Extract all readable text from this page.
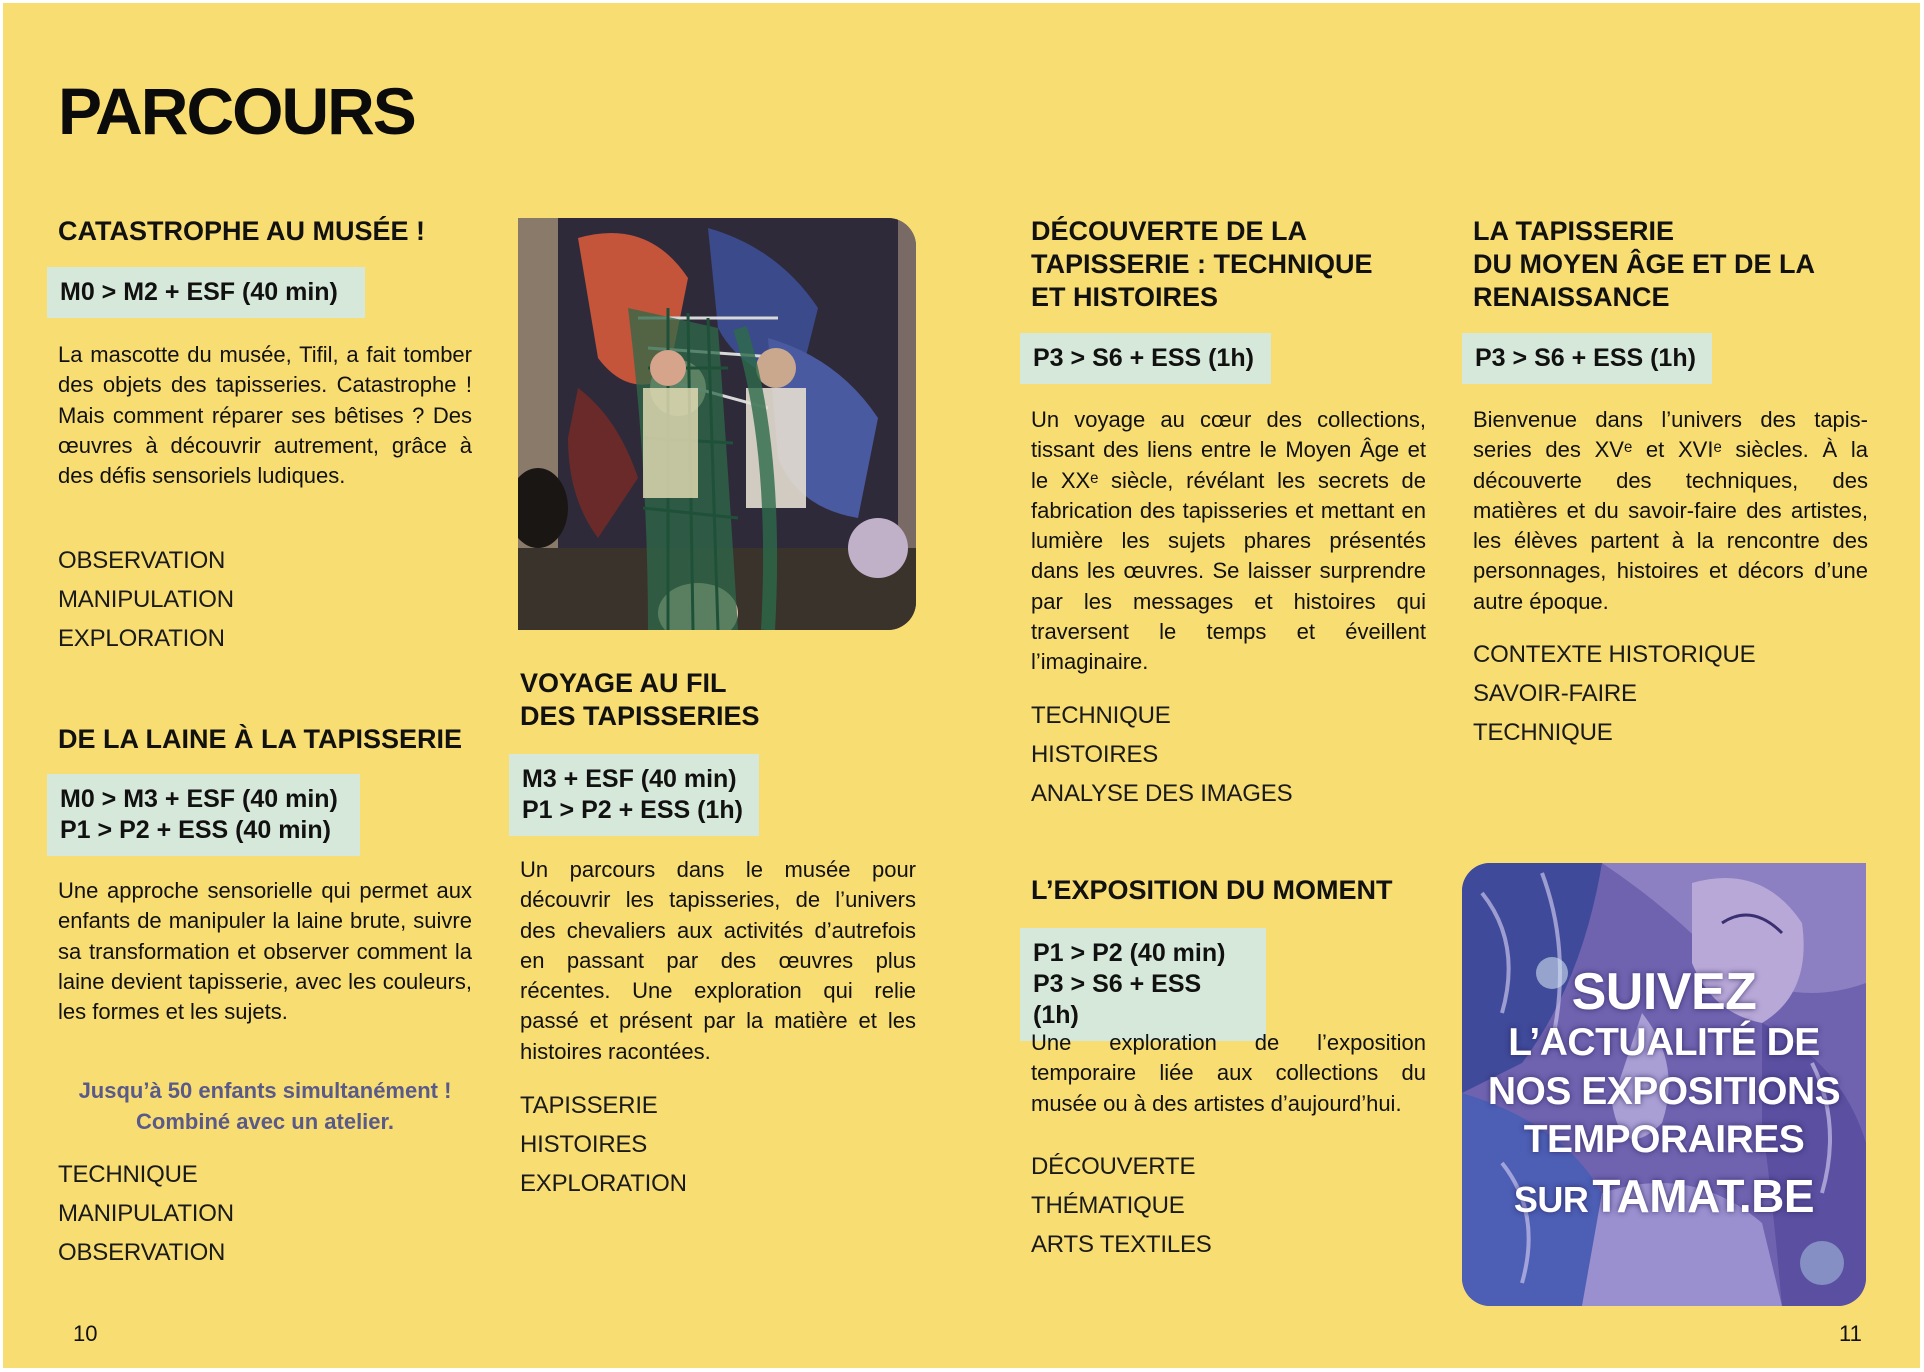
PARCOURS
CATASTROPHE AU MUSÉE !
M0 > M2 + ESF (40 min)

La mascotte du musée, Tifil, a fait tomber des objets des tapisseries. Catastrophe ! Mais comment réparer ses bêtises ? Des œuvres à découvrir autrement, grâce à des défis sensoriels ludiques.

OBSERVATION
MANIPULATION
EXPLORATION
DE LA LAINE À LA TAPISSERIE
M0 > M3 + ESF (40 min)
P1 > P2 + ESS (40 min)

Une approche sensorielle qui permet aux enfants de manipuler la laine brute, suivre sa transformation et observer comment la laine devient tapisserie, avec les couleurs, les formes et les sujets.

Jusqu’à 50 enfants simultanément !
Combiné avec un atelier.
TECHNIQUE
MANIPULATION
OBSERVATION
VOYAGE AU FIL
DES TAPISSERIES
M3 + ESF (40 min)
P1 > P2 + ESS (1h)

Un parcours dans le musée pour découvrir les tapisseries, de l’univers des chevaliers aux activités d’autrefois en passant par des œuvres plus récentes. Une exploration qui relie passé et présent par la matière et les histoires racontées.

TAPISSERIE
HISTOIRES
EXPLORATION
DÉCOUVERTE DE LA
TAPISSERIE : TECHNIQUE
ET HISTOIRES
P3 > S6 + ESS (1h)

Un voyage au cœur des collections, tissant des liens entre le Moyen Âge et le XXᵉ siècle, révélant les secrets de fabrication des tapisseries et mettant en lumière les sujets phares présentés dans les œuvres. Se laisser surprendre par les messages et histoires qui traversent le temps et éveillent l’imaginaire.

TECHNIQUE
HISTOIRES
ANALYSE DES IMAGES
L’EXPOSITION DU MOMENT
P1 > P2 (40 min)
P3 > S6 + ESS (1h)

Une exploration de l’exposition temporaire liée aux collections du musée ou à des artistes d’aujourd’hui.

DÉCOUVERTE
THÉMATIQUE
ARTS TEXTILES
LA TAPISSERIE
DU MOYEN ÂGE ET DE LA
RENAISSANCE
P3 > S6 + ESS (1h)

Bienvenue dans l’univers des tapisseries des XVᵉ et XVIᵉ siècles. À la découverte des techniques, des matières et du savoir-faire des artistes, les élèves partent à la rencontre des personnages, histoires et décors d’une autre époque.

CONTEXTE HISTORIQUE
SAVOIR-FAIRE
TECHNIQUE
SUIVEZ
L’ACTUALITÉ DE
NOS EXPOSITIONS
TEMPORAIRES
SUR TAMAT.BE
10	11
